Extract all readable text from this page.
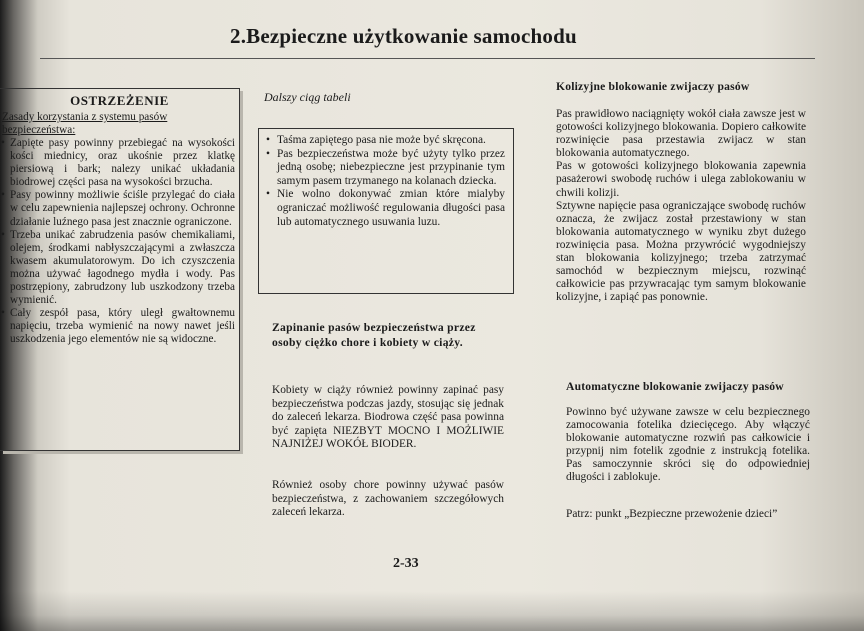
2.Bezpieczne użytkowanie samochodu
OSTRZEŻENIE
Zasady korzystania z systemu pasów bezpieczeństwa:
• Zapięte pasy powinny przebiegać na wysokości kości miednicy, oraz ukośnie przez klatkę piersiową i bark; nalezy unikać układania biodrowej części pasa na wysokości brzucha.
• Pasy powinny możliwie ściśle przylegać do ciała w celu zapewnienia najlepszej ochrony. Ochronne działanie luźnego pasa jest znacznie ograniczone.
• Trzeba unikać zabrudzenia pasów chemikaliami, olejem, środkami nabłyszczającymi a zwłaszcza kwasem akumulatorowym. Do ich czyszczenia można używać łagodnego mydła i wody. Pas postrzępiony, zabrudzony lub uszkodzony trzeba wymienić.
• Cały zespół pasa, który uległ gwałtownemu napięciu, trzeba wymienić na nowy nawet jeśli uszkodzenia jego elementów nie są widoczne.
Dalszy ciąg tabeli
• Taśma zapiętego pasa nie może być skręcona.
• Pas bezpieczeństwa może być użyty tylko przez jedną osobę; niebezpieczne jest przypinanie tym samym pasem trzymanego na kolanach dziecka.
• Nie wolno dokonywać zmian które mialyby ograniczać możliwość regulowania długości pasa lub automatycznego usuwania luzu.
Zapinanie pasów bezpieczeństwa przez osoby ciężko chore i kobiety w ciąży.
Kobiety w ciąży również powinny zapinać pasy bezpieczeństwa podczas jazdy, stosując się jednak do zaleceń lekarza. Biodrowa część pasa powinna być zapięta NIEZBYT MOCNO I MOŻLIWIE NAJNIŻEJ WOKÓŁ BIODER.
Również osoby chore powinny używać pasów bezpieczeństwa, z zachowaniem szczegółowych zaleceń lekarza.
2-33
Kolizyjne blokowanie zwijaczy pasów
Pas prawidłowo naciągnięty wokół ciała zawsze jest w gotowości kolizyjnego blokowania. Dopiero całkowite rozwinięcie pasa przestawia zwijacz w stan blokowania automatycznego.
Pas w gotowości kolizyjnego blokowania zapewnia pasażerowi swobodę ruchów i ulega zablokowaniu w chwili kolizji.
Sztywne napięcie pasa ograniczające swobodę ruchów oznacza, że zwijacz został przestawiony w stan blokowania automatycznego w wyniku zbyt dużego rozwinięcia pasa. Można przywrócić wygodniejszy stan blokowania kolizyjnego; trzeba zatrzymać samochód w bezpiecznym miejscu, rozwinąć całkowicie pas przywracając tym samym blokowanie kolizyjne, i zapiąć pas ponownie.
Automatyczne blokowanie zwijaczy pasów
Powinno być używane zawsze w celu bezpiecznego zamocowania fotelika dziecięcego. Aby włączyć blokowanie automatyczne rozwiń pas całkowicie i przypnij nim fotelik zgodnie z instrukcją fotelika. Pas samoczynnie skróci się do odpowiedniej długości i zablokuje.
Patrz: punkt „Bezpieczne przewożenie dzieci”
